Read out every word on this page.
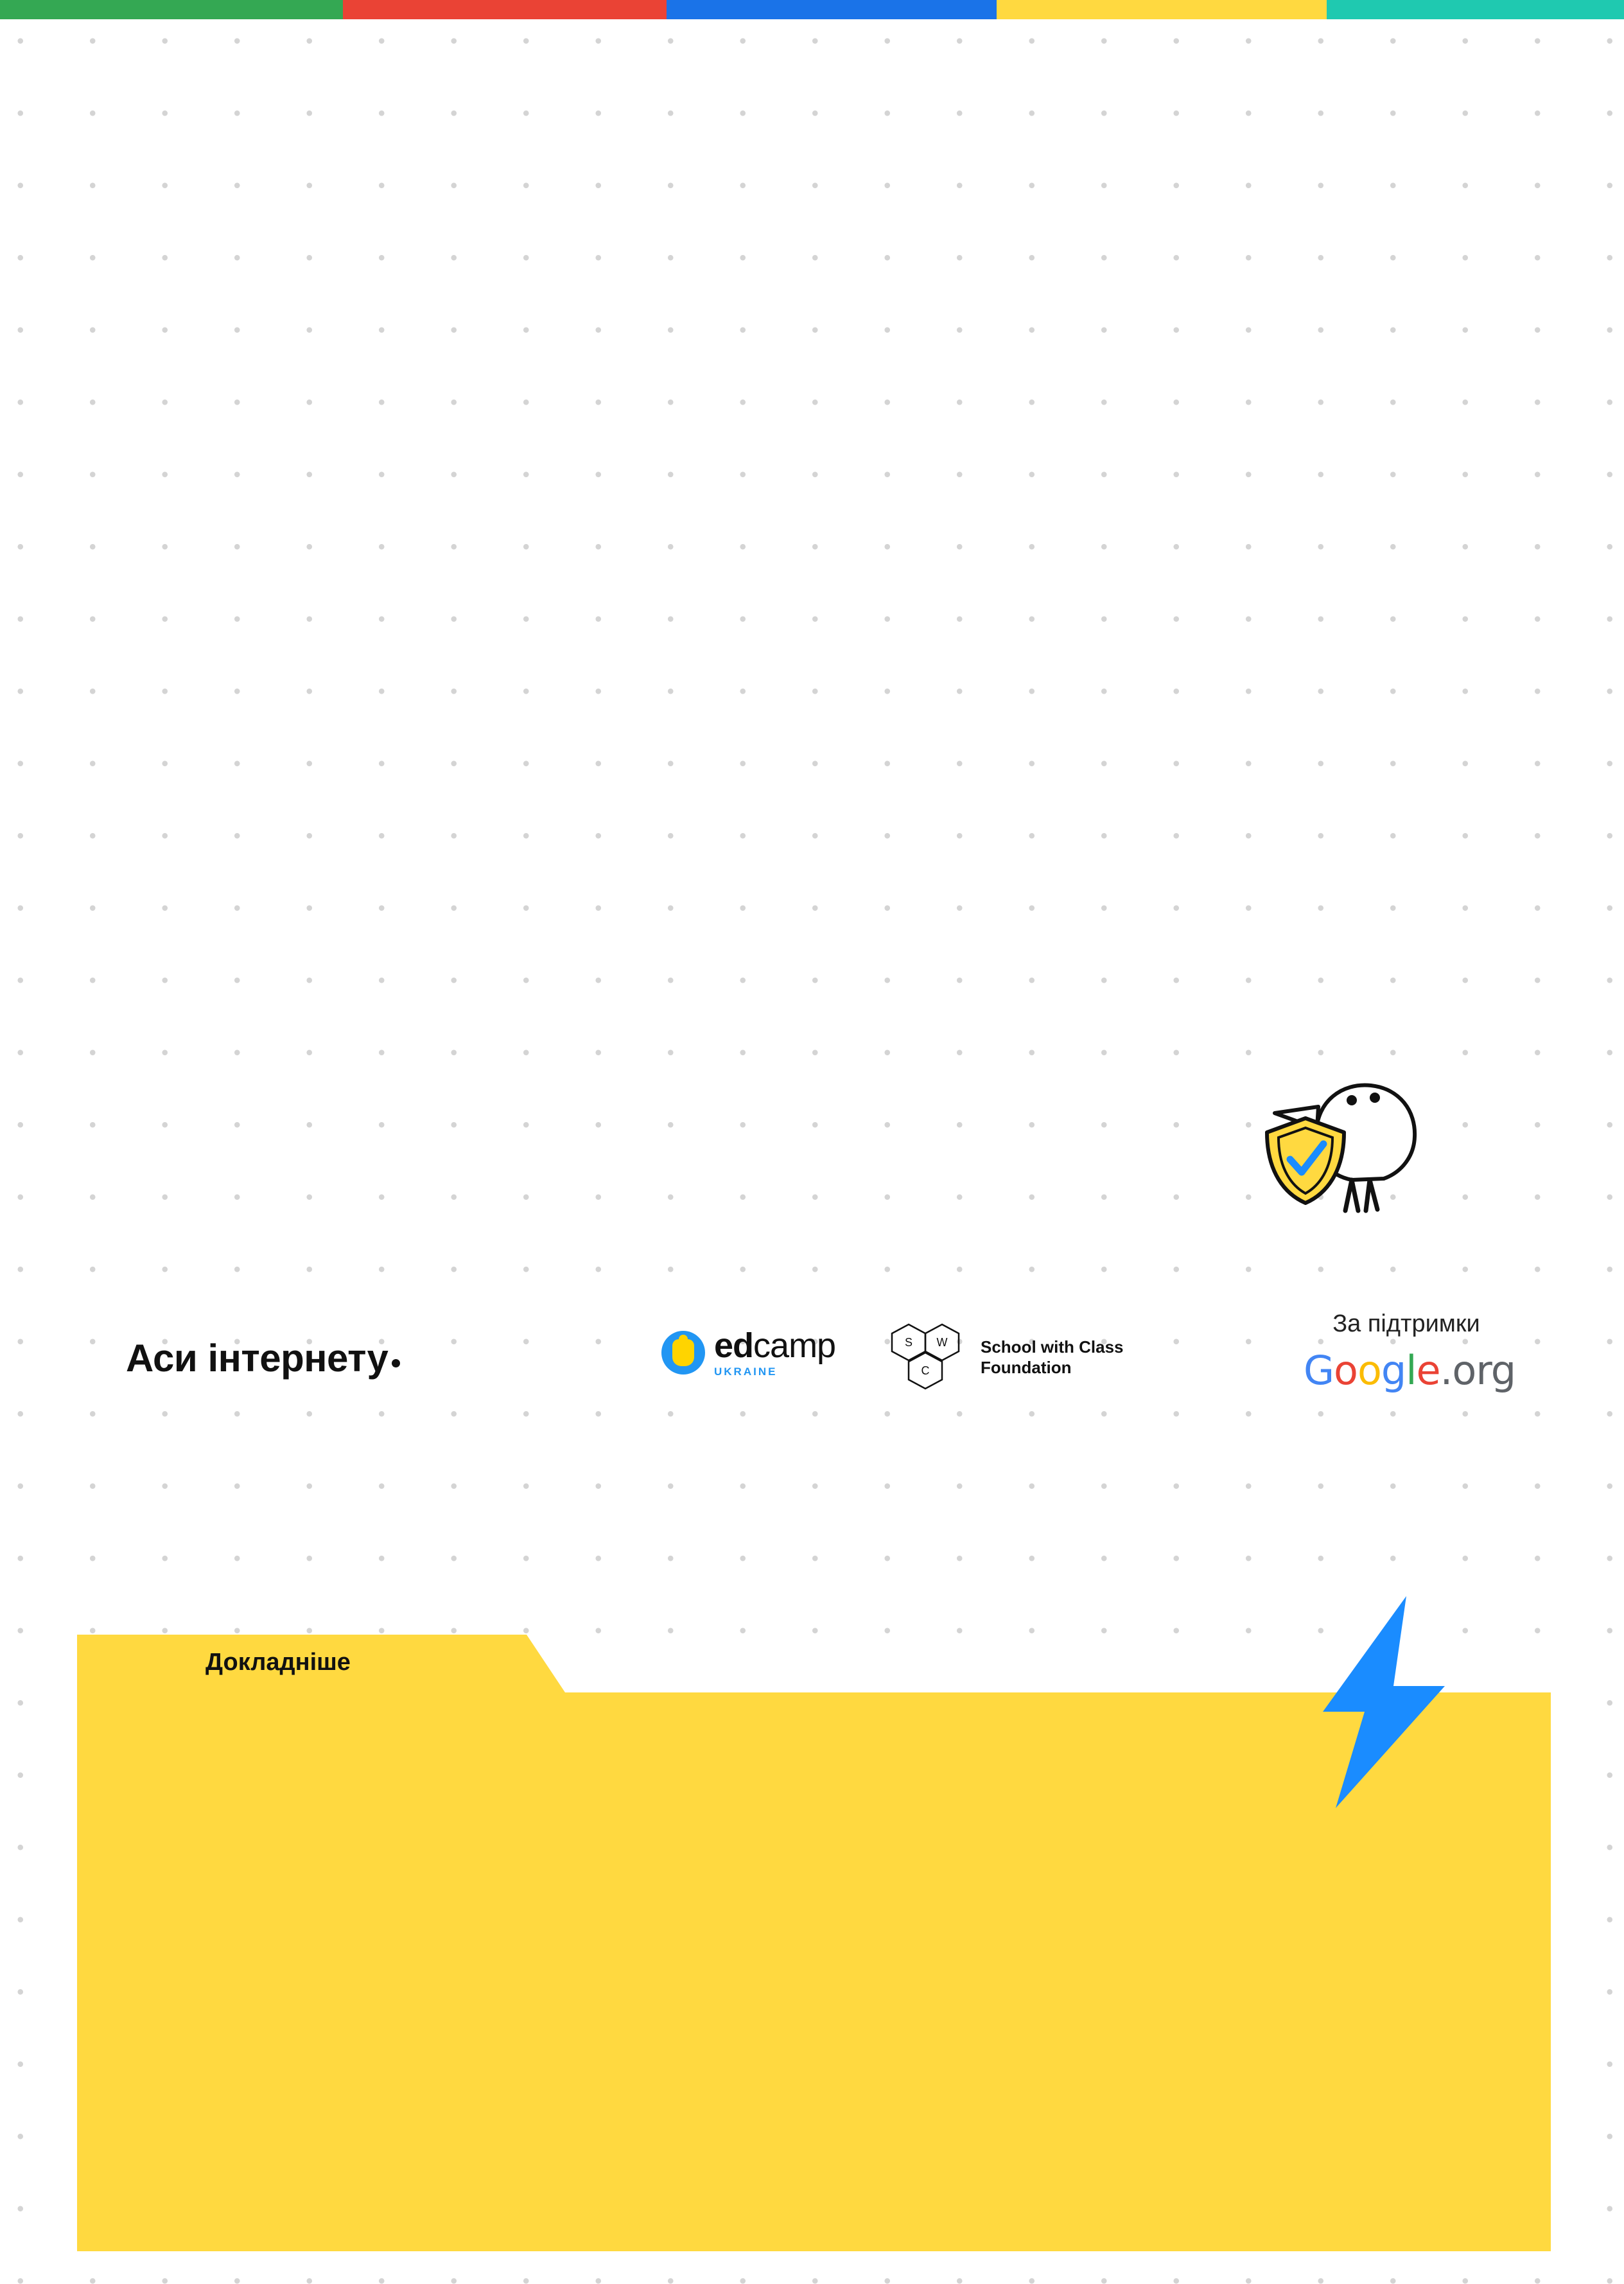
Аси інтернету	edcamp
UKRAINE
S W
C
School with Class
Foundation
За підтримки
Google.org
Докладніше
